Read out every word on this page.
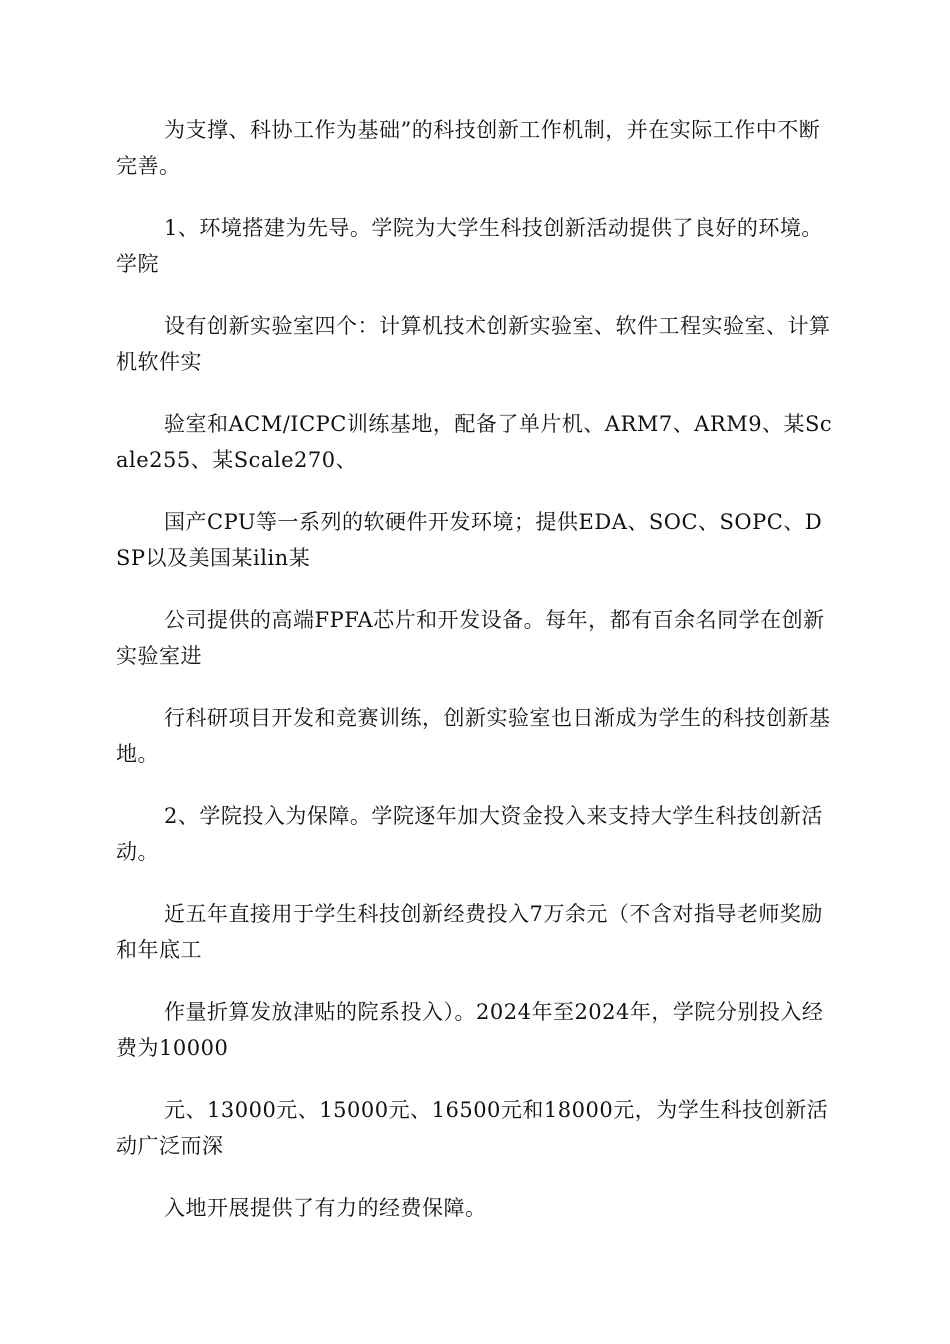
为支撑、科协工作为基础”的科技创新工作机制，并在实际工作中不断完善。

1、环境搭建为先导。学院为大学生科技创新活动提供了良好的环境。学院

设有创新实验室四个：计算机技术创新实验室、软件工程实验室、计算机软件实

验室和ACM/ICPC训练基地，配备了单片机、ARM7、ARM9、某Scale255、某Scale270、

国产CPU等一系列的软硬件开发环境；提供EDA、SOC、SOPC、DSP以及美国某ilin某

公司提供的高端FPFA芯片和开发设备。每年，都有百余名同学在创新实验室进

行科研项目开发和竞赛训练，创新实验室也日渐成为学生的科技创新基地。

2、学院投入为保障。学院逐年加大资金投入来支持大学生科技创新活动。

近五年直接用于学生科技创新经费投入7万余元（不含对指导老师奖励和年底工

作量折算发放津贴的院系投入）。2024年至2024年，学院分别投入经费为10000

元、13000元、15000元、16500元和18000元，为学生科技创新活动广泛而深

入地开展提供了有力的经费保障。
